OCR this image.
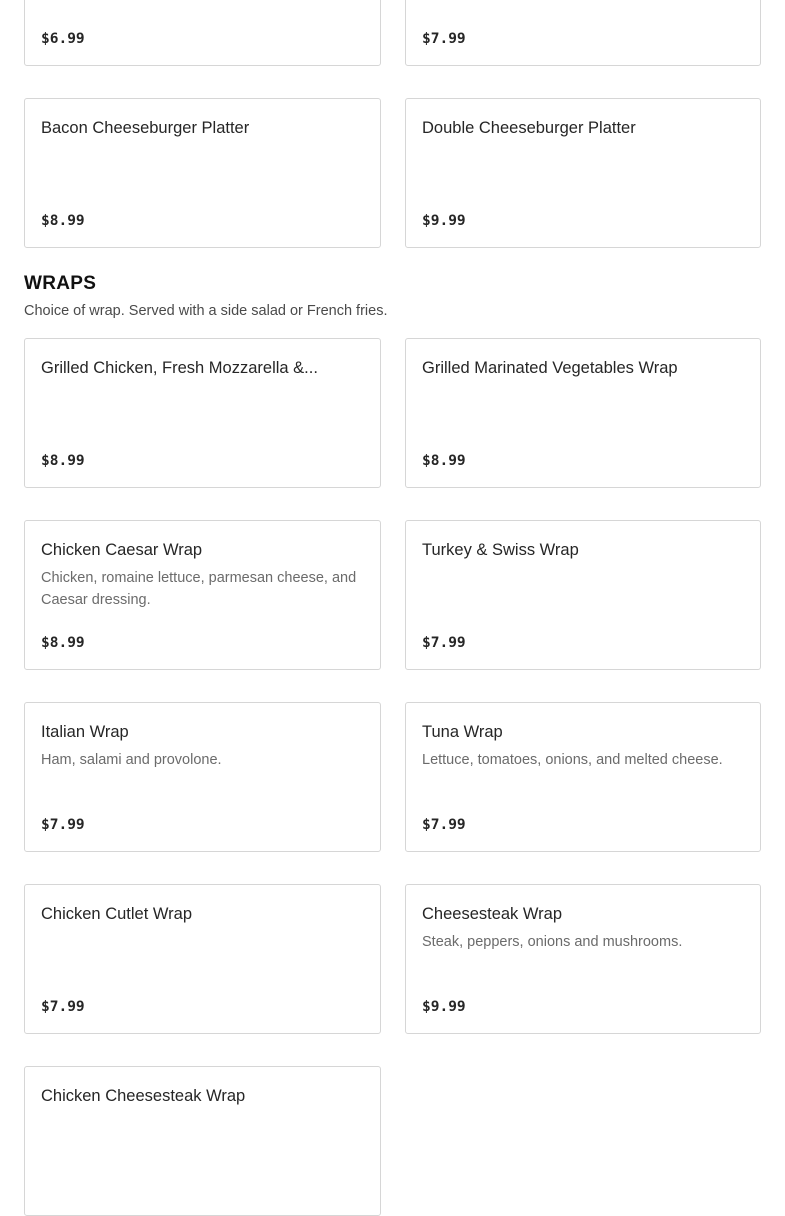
$6.99	$7.99
Bacon Cheeseburger Platter
$8.99
Double Cheeseburger Platter
$9.99
WRAPS

Choice of wrap. Served with a side salad or French fries.

Grilled Chicken, Fresh Mozzarella &...
$8.99
Grilled Marinated Vegetables Wrap
$8.99
Chicken Caesar Wrap
Chicken, romaine lettuce, parmesan cheese, and Caesar dressing.
$8.99
Turkey & Swiss Wrap
$7.99
Italian Wrap
Ham, salami and provolone.
$7.99
Tuna Wrap
Lettuce, tomatoes, onions, and melted cheese.
$7.99
Chicken Cutlet Wrap
$7.99
Cheesesteak Wrap
Steak, peppers, onions and mushrooms.
$9.99
Chicken Cheesesteak Wrap
